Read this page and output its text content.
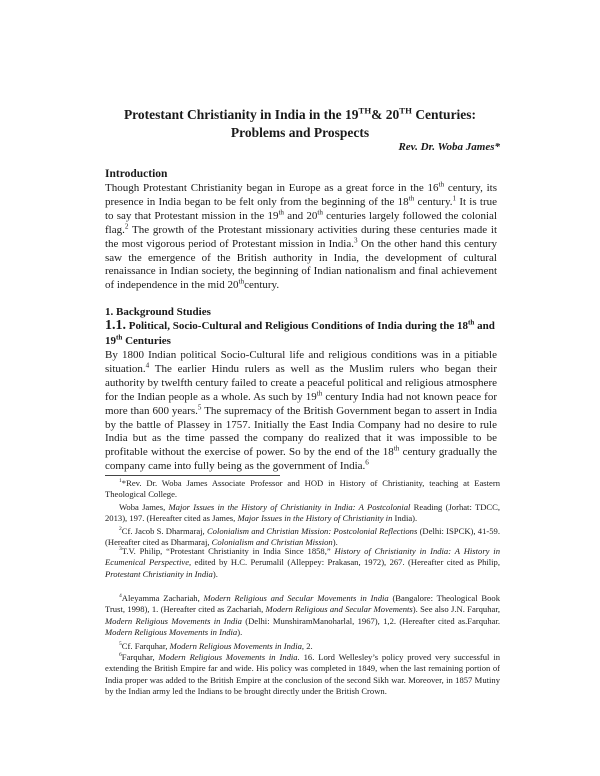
Protestant Christianity in India in the 19TH& 20TH Centuries: Problems and Prospects
Rev. Dr. Woba James*
Introduction

Though Protestant Christianity began in Europe as a great force in the 16th century, its presence in India began to be felt only from the beginning of the 18th century.$^1$ It is true to say that Protestant mission in the 19th and 20th centuries largely followed the colonial flag.$^2$ The growth of the Protestant missionary activities during these centuries made it the most vigorous period of Protestant mission in India.$^3$ On the other hand this century saw the emergence of the British authority in India, the development of cultural renaissance in Indian society, the beginning of Indian nationalism and final achievement of independence in the mid 20thcentury.

1. Background Studies
1.1. Political, Socio-Cultural and Religious Conditions of India during the 18th and 19th Centuries

By 1800 Indian political Socio-Cultural life and religious conditions was in a pitiable situation.$^4$ The earlier Hindu rulers as well as the Muslim rulers who began their authority by twelfth century failed to create a peaceful political and religious atmosphere for the Indian people as a whole. As such by 19th century India had not known peace for more than 600 years.$^5$ The supremacy of the British Government began to assert in India by the battle of Plassey in 1757. Initially the East India Company had no desire to rule India but as the time passed the company do realized that it was impossible to be profitable without the exercise of power. So by the end of the 18th century gradually the company came into fully being as the government of India.$^6$

$^1$*Rev. Dr. Woba James Associate Professor and HOD in History of Christianity, teaching at Eastern Theological College.

Woba James, Major Issues in the History of Christianity in India: A Postcolonial Reading (Jorhat: TDCC, 2013), 197. (Hereafter cited as James, Major Issues in the History of Christianity in India).

$^2$Cf. Jacob S. Dharmaraj, Colonialism and Christian Mission: Postcolonial Reflections (Delhi: ISPCK), 41-59. (Hereafter cited as Dharmaraj, Colonialism and Christian Mission).

$^3$T.V. Philip, “Protestant Christianity in India Since 1858,” History of Christianity in India: A History in Ecumenical Perspective, edited by H.C. Perumalil (Alleppey: Prakasan, 1972), 267. (Hereafter cited as Philip, Protestant Christianity in India).

$^4$Aleyamma Zachariah, Modern Religious and Secular Movements in India (Bangalore: Theological Book Trust, 1998), 1. (Hereafter cited as Zachariah, Modern Religious and Secular Movements). See also J.N. Farquhar, Modern Religious Movements in India (Delhi: MunshiramManoharlal, 1967), 1,2. (Hereafter cited as.Farquhar. Modern Religious Movements in India).

$^5$Cf. Farquhar, Modern Religious Movements in India, 2.

$^6$Farquhar, Modern Religious Movements in India. 16. Lord Wellesley’s policy proved very successful in extending the British Empire far and wide. His policy was completed in 1849, when the last remaining portion of India proper was added to the British Empire at the conclusion of the second Sikh war. Moreover, in 1857 Mutiny by the Indian army led the Indians to be brought directly under the British Crown.
